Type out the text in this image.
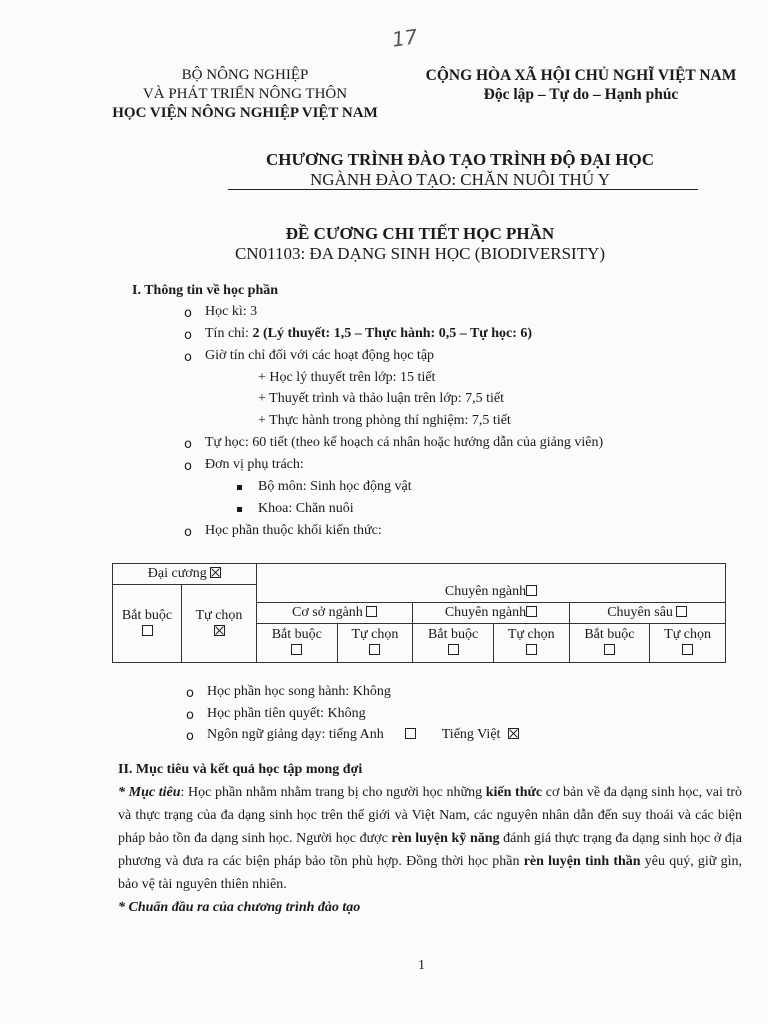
17
BỘ NÔNG NGHIỆP
VÀ PHÁT TRIỂN NÔNG THÔN
HỌC VIỆN NÔNG NGHIỆP VIỆT NAM
CỘNG HÒA XÃ HỘI CHỦ NGHĨ VIỆT NAM
Độc lập – Tự do – Hạnh phúc
CHƯƠNG TRÌNH ĐÀO TẠO TRÌNH ĐỘ ĐẠI HỌC
NGÀNH ĐÀO TẠO: CHĂN NUÔI THÚ Y
ĐỀ CƯƠNG CHI TIẾT HỌC PHẦN
CN01103: ĐA DẠNG SINH HỌC (BIODIVERSITY)
I. Thông tin về học phần
o Học kì: 3
o Tín chỉ: 2 (Lý thuyết: 1,5 – Thực hành: 0,5 – Tự học: 6)
o Giờ tín chỉ đối với các hoạt động học tập
+ Học lý thuyết trên lớp: 15 tiết
+ Thuyết trình và thảo luận trên lớp: 7,5 tiết
+ Thực hành trong phòng thí nghiệm: 7,5 tiết
o Tự học: 60 tiết (theo kế hoạch cá nhân hoặc hướng dẫn của giảng viên)
o Đơn vị phụ trách:
Bộ môn: Sinh học động vật
Khoa: Chăn nuôi
o Học phần thuộc khối kiến thức:
Đại cương		Chuyên ngành					
Bắt buộc	Tự chọn						

		Cơ sở ngành		Chuyên ngành		Chuyên sâu	
		Bắt buộc	Tự chọn	Bắt buộc	Tự chọn	Bắt buộc	Tự chọn

o Học phần học song hành: Không
o Học phần tiên quyết: Không
o Ngôn ngữ giảng dạy: tiếng Anh	Tiếng Việt
II. Mục tiêu và kết quả học tập mong đợi
* Mục tiêu: Học phần nhằm nhằm trang bị cho người học những kiến thức cơ bản về đa dạng sinh học, vai trò và thực trạng của đa dạng sinh học trên thế giới và Việt Nam, các nguyên nhân dẫn đến suy thoái và các biện pháp bảo tồn đa dạng sinh học. Người học được rèn luyện kỹ năng đánh giá thực trạng đa dạng sinh học ở địa phương và đưa ra các biện pháp bảo tồn phù hợp. Đồng thời học phần rèn luyện tinh thần yêu quý, giữ gìn, bảo vệ tài nguyên thiên nhiên.
* Chuẩn đầu ra của chương trình đào tạo
1
